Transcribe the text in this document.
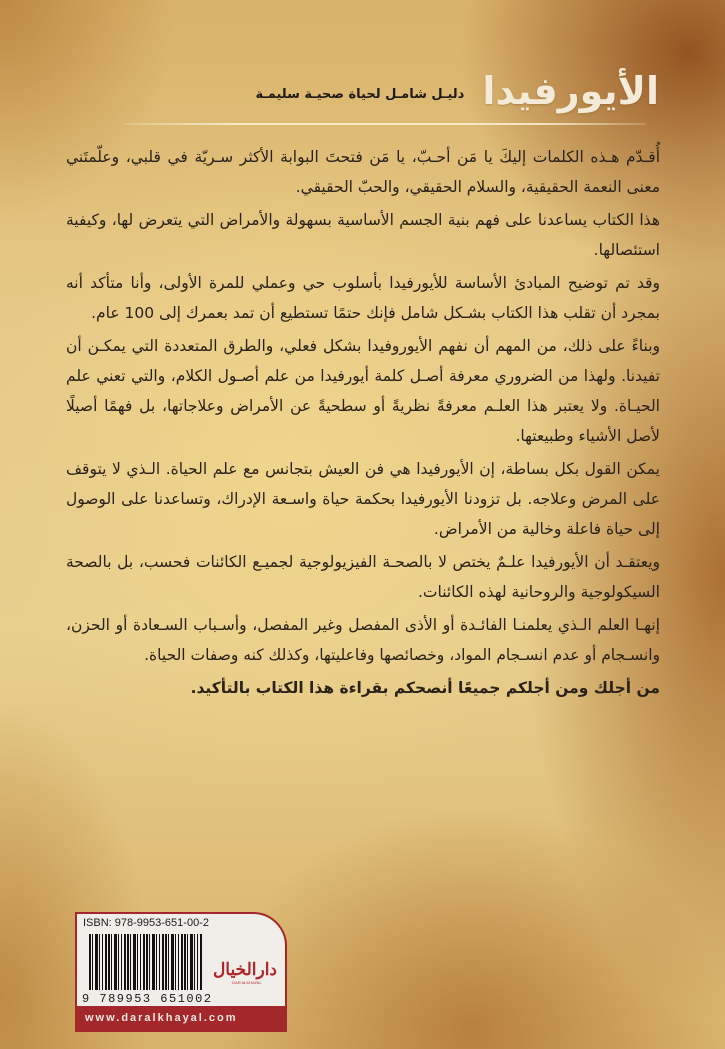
الأيورفيدا
دليـل شامـل لحياة صحيـة سليمـة

أُقـدّم هـذه الكلمات إليكَ يا مَن أحـبّ، يا مَن فتحتَ البوابة الأكثر سـريّة في قلبي، وعلّمتَني معنى النعمة الحقيقية، والسلام الحقيقي، والحبّ الحقيقي.

هذا الكتاب يساعدنا على فهم بنية الجسم الأساسية بسهولة والأمراض التي يتعرض لها، وكيفية استئصالها.

وقد تم توضيح المبادئ الأساسة للأيورفيدا بأسلوب حي وعملي للمرة الأولى، وأنا متأكد أنه بمجرد أن تقلب هذا الكتاب بشـكل شامل فإنك حتمًا تستطيع أن تمد بعمرك إلى 100 عام.

وبناءً على ذلك، من المهم أن نفهم الأيوروفيدا بشكل فعلي، والطرق المتعددة التي يمكـن أن تفيدنا. ولهذا من الضروري معرفة أصـل كلمة أيورفيدا من علم أصـول الكلام، والتي تعني علم الحيـاة. ولا يعتبر هذا العلـم معرفةً نظريةً أو سطحيةً عن الأمراض وعلاجاتها، بل فهمًا أصيلًا لأصل الأشياء وطبيعتها.

يمكن القول بكل بساطة، إن الأيورفيدا هي فن العيش بتجانس مع علم الحياة. الـذي لا يتوقف على المرض وعلاجه. بل تزودنا الأيورفيدا بحكمة حياة واسـعة الإدراك، وتساعدنا على الوصول إلى حياة فاعلة وخالية من الأمراض.

ويعتقـد أن الأيورفيدا علـمٌ يختص لا بالصحـة الفيزيولوجية لجميـع الكائنات فحسب، بل بالصحة السيكولوجية والروحانية لهذه الكائنات.

إنهـا العلم الـذي يعلمنـا الفائـدة أو الأذى المفصل وغير المفصل، وأسـباب السـعادة أو الحزن، وانسـجام أو عدم انسـجام المواد، وخصائصها وفاعليتها، وكذلك كنه وصفات الحياة.

من أجلك ومن أجلكم جميعًا أنصحكم بقراءة هذا الكتاب بالتأكيد.

ISBN: 978-9953-651-00-2
9 789953 651002
دارالخيال
DAR ALKHAYAL
www.daralkhayal.com
